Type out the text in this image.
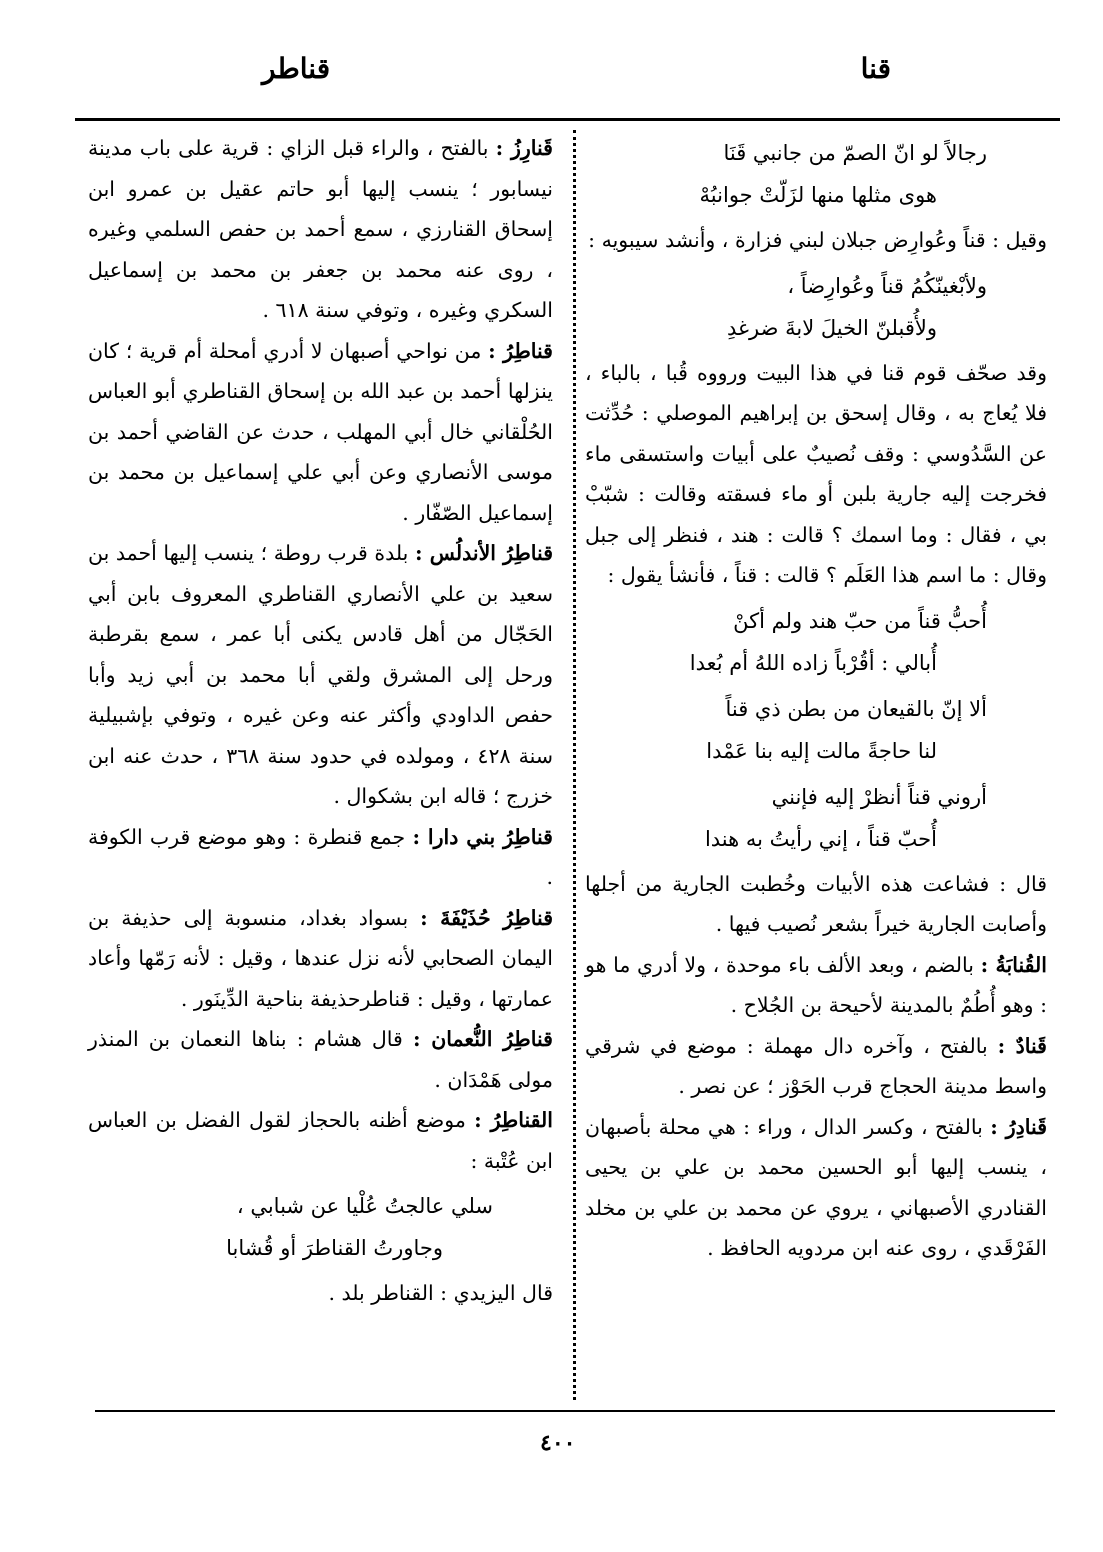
قنا
قناطر
رجالاً لو انّ الصمّ من جانبي قَنَا
هوى مثلها منها لزَلّتْ جوانبُهْ

وقيل : قناً وعُوارِض جبلان لبني فزارة ، وأنشد سيبويه :

ولأبْغينّكُمُ قناً وعُوارِضاً ،
ولأُقبلنّ الخيلَ لابةَ ضرغدِ

وقد صحّف قوم قنا في هذا البيت ورووه قُبا ، بالباء ، فلا يُعاج به ، وقال إسحق بن إبراهيم الموصلي : حُدِّثت عن السَّدُوسي : وقف نُصيبٌ على أبيات واستسقى ماء فخرجت إليه جارية بلبن أو ماء فسقته وقالت : شبّبْ بي ، فقال : وما اسمك ؟ قالت : هند ، فنظر إلى جبل وقال : ما اسم هذا العَلَم ؟ قالت : قناً ، فأنشأ يقول :

أُحبُّ قناً من حبّ هند ولم أكنْ
أُبالي : أقُرْباً زاده اللهُ أم بُعدا
ألا إنّ بالقيعان من بطن ذي قناً
لنا حاجةً مالت إليه بنا عَمْدا
أروني قناً أنظرْ إليه فإنني
أُحبّ قناً ، إني رأيتُ به هندا

قال : فشاعت هذه الأبيات وخُطبت الجارية من أجلها وأصابت الجارية خيراً بشعر نُصيب فيها .

القُنابَةُ : بالضم ، وبعد الألف باء موحدة ، ولا أدري ما هو : وهو أُطُمٌ بالمدينة لأحيحة بن الجُلاح .

قَنادٌ : بالفتح ، وآخره دال مهملة : موضع في شرقي واسط مدينة الحجاج قرب الحَوْز ؛ عن نصر .

قَنادِرُ : بالفتح ، وكسر الدال ، وراء : هي محلة بأصبهان ، ينسب إليها أبو الحسين محمد بن علي بن يحيى القنادري الأصبهاني ، يروي عن محمد بن علي بن مخلد الفَرْقَدي ، روى عنه ابن مردويه الحافظ .

قَنارِزُ : بالفتح ، والراء قبل الزاي : قرية على باب مدينة نيسابور ؛ ينسب إليها أبو حاتم عقيل بن عمرو ابن إسحاق القنارزي ، سمع أحمد بن حفص السلمي وغيره ، روى عنه محمد بن جعفر بن محمد بن إسماعيل السكري وغيره ، وتوفي سنة ٦١٨ .

قناطِرُ : من نواحي أصبهان لا أدري أمحلة أم قرية ؛ كان ينزلها أحمد بن عبد الله بن إسحاق القناطري أبو العباس الحُلْقاني خال أبي المهلب ، حدث عن القاضي أحمد بن موسى الأنصاري وعن أبي علي إسماعيل بن محمد بن إسماعيل الصّفّار .

قناطِرُ الأندلُس : بلدة قرب روطة ؛ ينسب إليها أحمد بن سعيد بن علي الأنصاري القناطري المعروف بابن أبي الحَجّال من أهل قادس يكنى أبا عمر ، سمع بقرطبة ورحل إلى المشرق ولقي أبا محمد بن أبي زيد وأبا حفص الداودي وأكثر عنه وعن غيره ، وتوفي بإشبيلية سنة ٤٢٨ ، ومولده في حدود سنة ٣٦٨ ، حدث عنه ابن خزرج ؛ قاله ابن بشكوال .

قناطِرُ بني دارا : جمع قنطرة : وهو موضع قرب الكوفة .

قناطِرُ حُذَيْفَةَ : بسواد بغداد، منسوبة إلى حذيفة بن اليمان الصحابي لأنه نزل عندها ، وقيل : لأنه رَمّها وأعاد عمارتها ، وقيل : قناطرحذيفة بناحية الدِّينَور .

قناطِرُ النُّعمان : قال هشام : بناها النعمان بن المنذر مولى هَمْدَان .

القناطِرُ : موضع أظنه بالحجاز لقول الفضل بن العباس ابن عُتْبة :

سلي عالجتُ عُلْيا عن شبابي ،
وجاورتُ القناطرَ أو قُشابا

قال اليزيدي : القناطر بلد .

٤٠٠
